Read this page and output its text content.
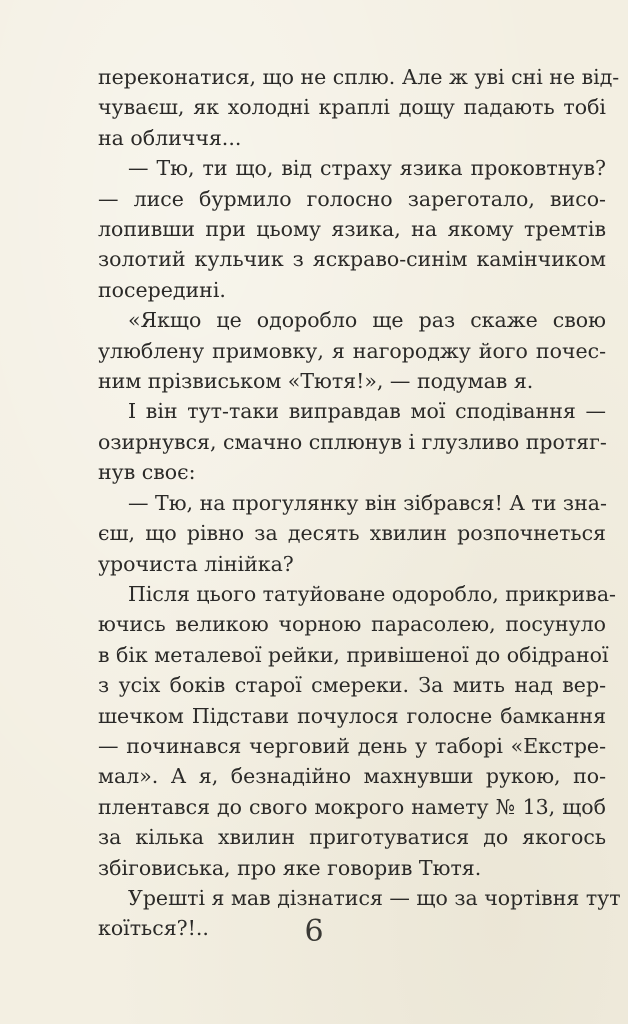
переконатися, що не сплю. Але ж уві сні не від-
чуваєш, як холодні краплі дощу падають тобі
на обличчя...
— Тю, ти що, від страху язика проковтнув?
— лисе бурмило голосно зареготало, висо-
лопивши при цьому язика, на якому тремтів
золотий кульчик з яскраво-синім камінчиком
посередині.
«Якщо це одоробло ще раз скаже свою
улюблену примовку, я нагороджу його почес-
ним прізвиськом «Тютя!», — подумав я.
І він тут-таки виправдав мої сподівання —
озирнувся, смачно сплюнув і глузливо протяг-
нув своє:
— Тю, на прогулянку він зібрався! А ти зна-
єш, що рівно за десять хвилин розпочнеться
урочиста лінійка?
Після цього татуйоване одоробло, прикрива-
ючись великою чорною парасолею, посунуло
в бік металевої рейки, привішеної до обідраної
з усіх боків старої смереки. За мить над вер-
шечком Підстави почулося голосне бамкання
— починався черговий день у таборі «Екстре-
мал». А я, безнадійно махнувши рукою, по-
плентався до свого мокрого намету № 13, щоб
за кілька хвилин приготуватися до якогось
збіговиська, про яке говорив Тютя.
Урешті я мав дізнатися — що за чортівня тут
коїться?!..	6
